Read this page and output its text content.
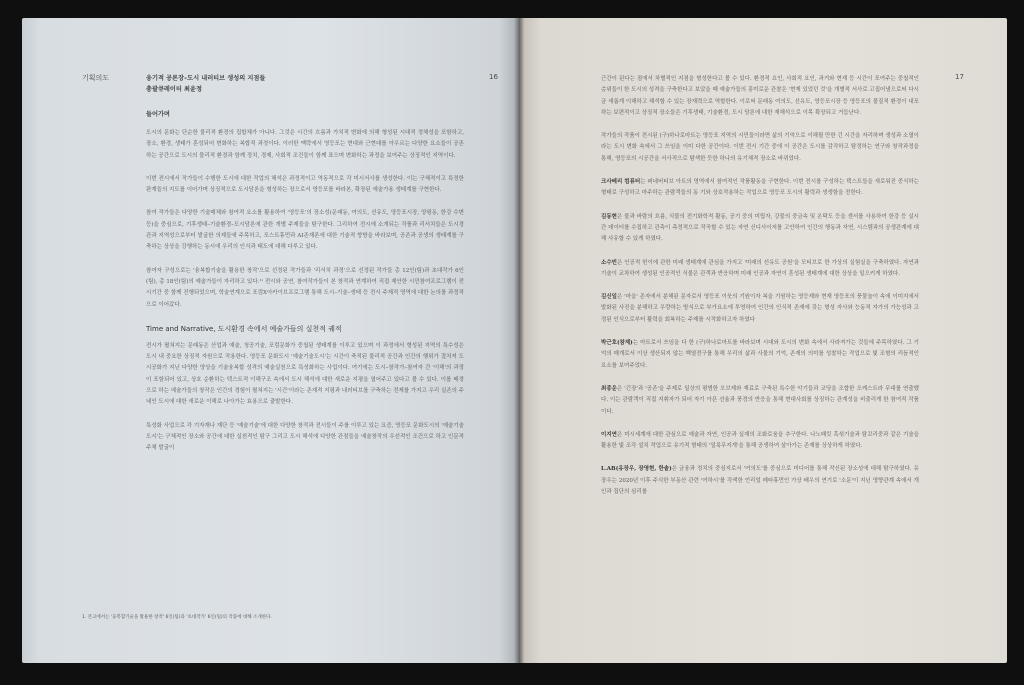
기획의도	16
융기적 공론장–도시 내러티브 생성의 지점들
총괄큐레이터 최윤정
들어가며

도시의 문화는 단순한 물리적 환경의 집합체가 아니다. 그것은 시간의 흐름과 가치적 변화에 의해 형성된 시대적 정체성을 포함하고, 장소, 환경, 생태가 혼성되어 변화하는 복합적 과정이다. 이러한 맥락에서 영등포는 현대와 근현대를 아우르는 다양한 요소들이 공존하는 공간으로 도시의 물리적 환경과 함께 정치, 경제, 사회적 조건들이 함께 표으며 변화하는 과정을 보여주는 상징적인 지역이다.

이번 전시에서 작가들이 수행한 도시에 대한 작업의 해석은 과정적이고 역동적으로 각 미시서사를 생성한다. 이는 구체적이고 특정한 판계들의 지도를 이어가며 상징적으로 도시담론을 형성하는 장으로서 영등포를 바라본, 확장된 예술가용 생태계를 구현한다.

참여 작가들은 다양한 기술매체와 참여적 요소를 활용하여 '영등포'의 장소성(문래동, 여의도, 선유도, 영등포시장, 양평동, 한강 수변 등)을 중심으로, 기후생태–기술환경–도시담론에 관한 개별 주제들을 탐구한다. 그리하여 전시에 소개되는 작품과 리서치들은 도시경관과 지역성으로부터 발굴한 의제들에 주목하고, 포스트휴먼과 AI존재론에 대한 기술적 향방을 바라보며, 공존과 공생의 생태계를 구축하는 상상을 강행하는 동시에 우리의 인식과 태도에 대해 다루고 있다.

참여자 구성으로는 '융복합기술을 활용한 창작'으로 선정된 작가들과 '리서치 과정'으로 선정된 작가들 총 12인(팀)과 초대작가 6인(팀), 총 18인(팀)의 예술가들이 자리하고 있다.¹⁾ 전시와 공연, 참여작가들이 본 창작과 연계하여 직접 제안한 시민참여프로그램이 전시기간 중 함께 진행되었으며, 학술연계으로 포럼X아카이브프로그램 통해 도시–기술–생태 등 전시 주제적 영역에 대한 논의를 과정적으로 이어갔다.

Time and Narrative, 도시환경 속에서 예술가들의 실천적 궤적

전시가 펼쳐지는 문래동은 산업과 예술, 청공기술, 포럼문화가 중첩된 생태계를 이루고 있으며 이 과정에서 형성된 지역의 특수성은 도시 내 중요한 상징적 자원으로 작용한다. 영등포 문화도시 '예술기술도시'는 시간이 축적된 물리적 공간과 인간의 행위가 결처져 도시공화가 지닌 다양한 양상을 기술융복합 성격의 예술실천으로 특성화하는 사업이다. 여기에는 도시–창작가–참여자 간 '이해'의 과정이 포함되어 있고, 상호 순환하는 텍스트적 이해구조 속에서 도시 해석에 대한 새로운 지평을 열어주고 있다고 볼 수 있다. 이를 배경으로 하는 예술가들의 창작은 인간의 경험이 펼쳐지는 '시간'이라는 존재적 지평과 내러티브를 구축하는 전제를 가지고 우리 실존의 주네인 도시에 대한 새로운 이해로 나아가는 효용으로 출발한다.

특성화 사업으로 각 기자재나 재단 등 '예술기술'에 대한 다양한 창작과 전시들이 주를 이루고 있는 요즘, 영등포 문화도시의 '예술기술도시'는 구체적인 장소와 공간에 대한 실천적인 탐구 그리고 도시 해석에 다양한 관점들을 예술창작의 우선적인 조건으로 하고 인문적 주체 발굴이

1. 본고에서는 '융복합기술을 활용한 창작' 6인(팀)과 '초대작가' 6인(팀)의 작품에 대해 소개한다.
17

근간이 된다는 점에서 차별적인 지점을 형성한다고 볼 수 있다. 환경적 요인, 사회적 요인, 과거와 현재 등 시간이 포여주는 중첩적인 층위들이 한 도시의 성격을 구축한다고 보았을 때 예술가들의 흥미로운 관찰은 '현재 있었던 것'을 개별적 서사로 고집어냄으로써 다시금 새롭게 이해하고 해석할 수 있는 장재력으로 역할한다. 이로써 문래동 여의도, 선유도, 영등포시장 등 영등포의 물질적 환경이 내포하는 보편적이고 상징적 장소들은 기후생태, 기술환경, 도시 담론에 대한 재해석으로 이목 확장되고 거듭난다.

작가들의 작품이 전시된 (구)하나로마트는 영등포 지역의 시민들이라면 삶의 기억으로 이해될 만한 긴 시간을 자리하며 생성과 소멸이라는 도시 변화 속에서 그 쓰임을 이미 다한 공간이다. 이번 전시 기간 중에 이 공간은 도시를 감각하고 탐정하는 연구와 창작과정을 통해, 영등포의 시공간을 서사적으로 탐색한 듯한 하나의 유기체적 장소로 바뀌었다.

크사베리 컴퓨터는 퍼네버티브 아트의 영역에서 참여적인 작품활동을 구현한다. 이번 전시를 구성하는 텍스트들을 새로워진 중식하는 형태로 구성하고 마주하는 관람객들의 동 기와 상호작용하는 작업으로 영등포 도시의 활력과 생생함을 전한다.

김동현은 물과 바람의 흐름, 식물의 전기화학적 활동, 공기 중의 미립자, 강물의 중금속 및 온탁도 등을 센서를 사용하여 한강 등 실시간 데이터를 수집하고 관측이 측정적으로 작곡할 수 있는 자연 신디사이저를 고안하여 인간의 행동과 자연, 시스템과의 공생관계에 대해 사유할 수 있게 하였다.

소수빈은 인공적 헌이에 관한 미래 생태계에 관심을 가지고 '미래의 선유도 공원'을 모티브로 한 가상의 실험실을 구축하였다. 자연과 기술이 교차하여 생성된 인공적인 식물은 관객과 반응하며 미래 인공과 자연이 혼성된 생태계에 대한 상상을 일으키게 하였다.

김신일은 '마을' 존자에서 분해된 문자로서 영등포 이웃의 기원이자 복을 기원하는 영등제와 현재 영등포의 풍물놀이 속에 이미지에서 발화된 사진을 분해하고 우량하는 방식으로 부가요소에 투영하여 인간의 인식적 존재에 갖는 형성 자사와 능동적 자가의 가능성과 고정된 인식으로부터 활력을 회복하는 주제를 시작화하고자 하였다

박근호(참제)는 마트로서 쓰임을 다 한 (구)하나로마트를 바라보며 시대와 도시의 변화 속에서 사라져가는 것들에 주목하였다. 그 기억의 매개로서 이상 생산되지 않는 백열전구를 통해 우리의 삶과 사물의 기억, 존재의 의미를 성찰하는 작업으로 빛 조형의 리듬적인 요소를 보여주었다.

최종운은 '긴장'과 '공존'을 주제로 일상의 평범한 오브제와 재료로 구축된 특수한 악기들과 코딩을 조합한 오케스트라 무대를 연출했다. 이는 관람객이 직접 지휘자가 되어 자기 아픈 선율과 풍경의 반응을 통해 현대사회를 상징하는 관계성을 비출리게 한 참여적 작품이다.

이지연은 미시세계에 대한 관심으로 예술과 자연, 인공과 실재의 조화로움을 추구한다. 나노패킷 흑섞기술과 탐꼬리중과 같은 기술을 활용한 빛 조각 설치 작업으로 유기적 형태의 '얼룩무지개'을 통해 공생하여 살아가는 존재를 상상하게 하였다.

L.AB(유장우, 장영현, 한솔)은 금융과 정치의 중심지로서 '여의도'를 중심으로 미디어를 통해 작신된 장소성에 대해 탐구하였다. 유장우는 2020년 이후 주식한 부동산 관련 '여하시'를 각색한 언리얼 메타휴먼인 가상 배우의 연기로 '소문'이 지닌 영향관계 속에서 개인과 집단의 심리를
